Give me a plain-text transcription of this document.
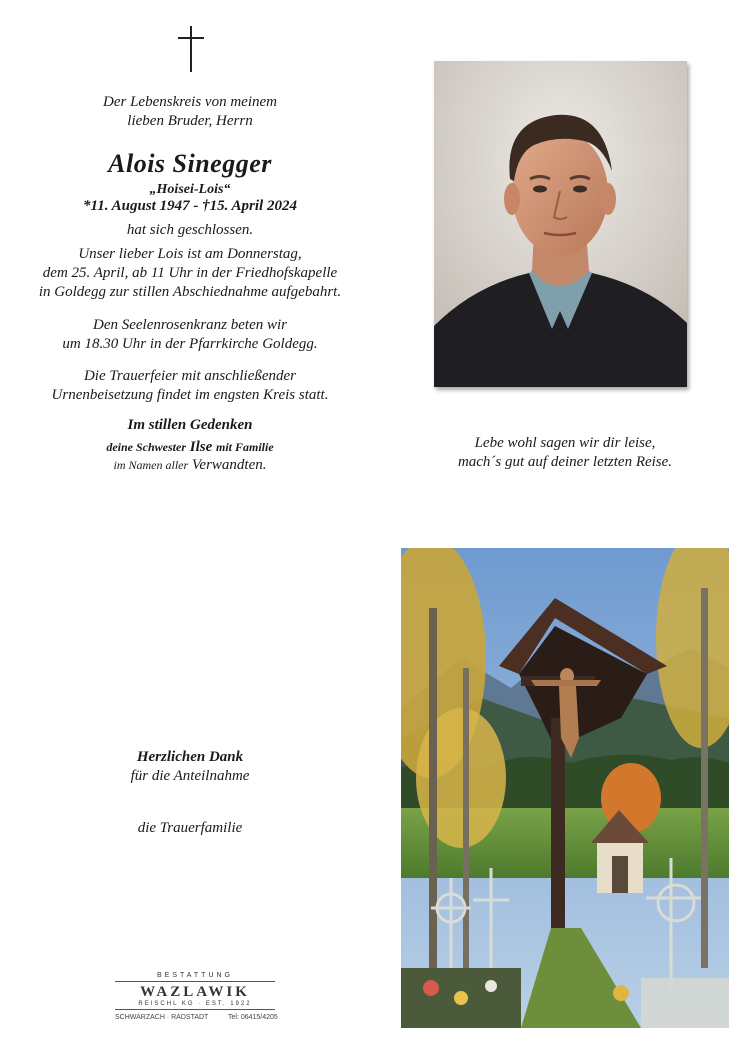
Der Lebenskreis von meinem
lieben Bruder, Herrn
Alois Sinegger
„Hoisei-Lois“
*11. August 1947 - †15. April 2024
hat sich geschlossen.
Unser lieber Lois ist am Donnerstag,
dem 25. April, ab 11 Uhr in der Friedhofskapelle
in Goldegg zur stillen Abschiednahme aufgebahrt.
Den Seelenrosenkranz beten wir
um 18.30 Uhr in der Pfarrkirche Goldegg.
Die Trauerfeier mit anschließender
Urnenbeisetzung findet im engsten Kreis statt.
Im stillen Gedenken
deine Schwester Ilse mit Familie
im Namen aller Verwandten.
Lebe wohl sagen wir dir leise,
mach´s gut auf deiner letzten Reise.
Herzlichen Dank
für die Anteilnahme
die Trauerfamilie
BESTATTUNG
WAZLAWIK
REISCHL KG · EST. 1922
SCHWARZACH · RADSTADT	Tel: 06415/4205
